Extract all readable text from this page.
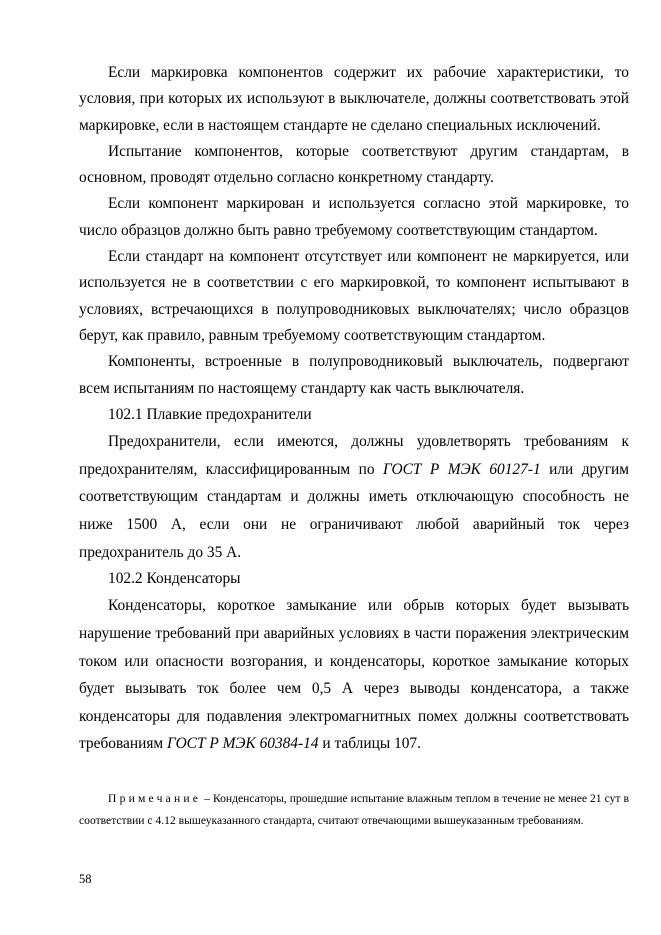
Если маркировка компонентов содержит их рабочие характеристики, то условия, при которых их используют в выключателе, должны соответствовать этой маркировке, если в настоящем стандарте не сделано специальных исключений.

Испытание компонентов, которые соответствуют другим стандартам, в основном, проводят отдельно согласно конкретному стандарту.

Если компонент маркирован и используется согласно этой маркировке, то число образцов должно быть равно требуемому соответствующим стандартом.

Если стандарт на компонент отсутствует или компонент не маркируется, или используется не в соответствии с его маркировкой, то компонент испытывают в условиях, встречающихся в полупроводниковых выключателях; число образцов берут, как правило, равным требуемому соответствующим стандартом.

Компоненты, встроенные в полупроводниковый выключатель, подвергают всем испытаниям по настоящему стандарту как часть выключателя.

102.1 Плавкие предохранители

Предохранители, если имеются, должны удовлетворять требованиям к предохранителям, классифицированным по ГОСТ Р МЭК 60127-1 или другим соответствующим стандартам и должны иметь отключающую способность не ниже 1500 А, если они не ограничивают любой аварийный ток через предохранитель до 35 А.

102.2 Конденсаторы

Конденсаторы, короткое замыкание или обрыв которых будет вызывать нарушение требований при аварийных условиях в части поражения электрическим током или опасности возгорания, и конденсаторы, короткое замыкание которых будет вызывать ток более чем 0,5 А через выводы конденсатора, а также конденсаторы для подавления электромагнитных помех должны соответствовать требованиям ГОСТ Р МЭК 60384-14 и таблицы 107.

Примечание – Конденсаторы, прошедшие испытание влажным теплом в течение не менее 21 сут в соответствии с 4.12 вышеуказанного стандарта, считают отвечающими вышеуказанным требованиям.

58
